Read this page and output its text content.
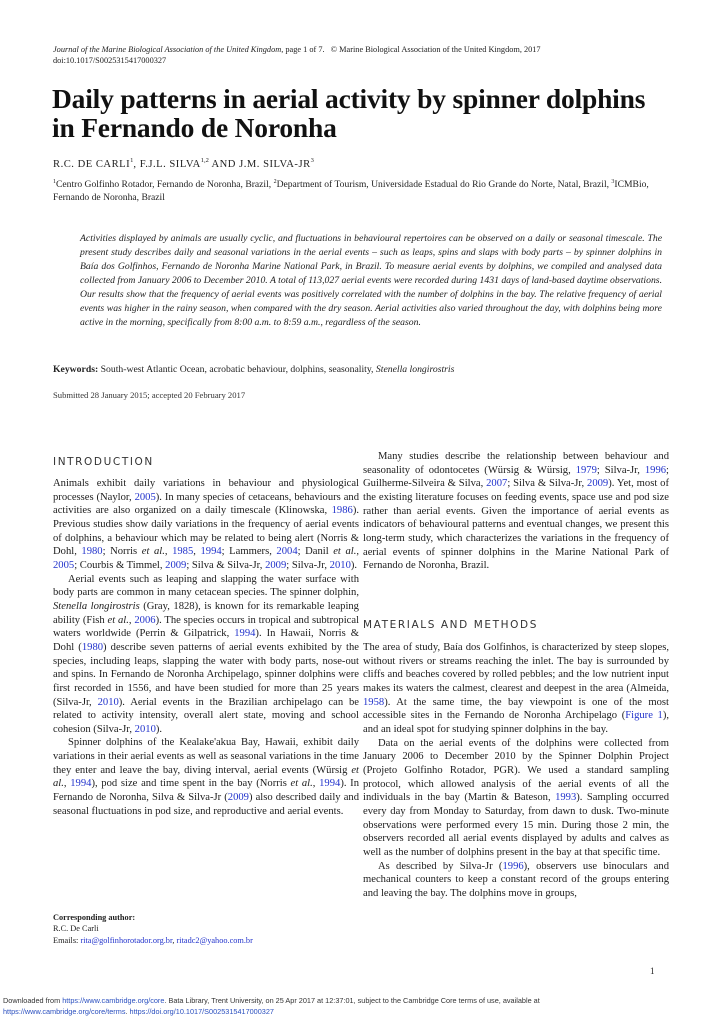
Journal of the Marine Biological Association of the United Kingdom, page 1 of 7. © Marine Biological Association of the United Kingdom, 2017
doi:10.1017/S0025315417000327
Daily patterns in aerial activity by spinner dolphins in Fernando de Noronha
R.C. DE CARLI$^1$, F.J.L. SILVA$^{1,2}$ AND J.M. SILVA-$JR^3$
$^1$Centro Golfinho Rotador, Fernando de Noronha, Brazil, $^2$Department of Tourism, Universidade Estadual do Rio Grande do Norte, Natal, Brazil, $^3$ICMBio, Fernando de Noronha, Brazil
Activities displayed by animals are usually cyclic, and fluctuations in behavioural repertoires can be observed on a daily or seasonal timescale. The present study describes daily and seasonal variations in the aerial events – such as leaps, spins and slaps with body parts – by spinner dolphins in Baía dos Golfinhos, Fernando de Noronha Marine National Park, in Brazil. To measure aerial events by dolphins, we compiled and analysed data collected from January 2006 to December 2010. A total of 113,027 aerial events were recorded during 1431 days of land-based daytime observations. Our results show that the frequency of aerial events was positively correlated with the number of dolphins in the bay. The relative frequency of aerial events was higher in the rainy season, when compared with the dry season. Aerial activities also varied throughout the day, with dolphins being more active in the morning, specifically from 8:00 a.m. to 8:59 a.m., regardless of the season.
Keywords: South-west Atlantic Ocean, acrobatic behaviour, dolphins, seasonality, Stenella longirostris
Submitted 28 January 2015; accepted 20 February 2017
INTRODUCTION

Animals exhibit daily variations in behaviour and physiological processes (Naylor, 2005). In many species of cetaceans, behaviours and activities are also organized on a daily timescale (Klinowska, 1986). Previous studies show daily variations in the frequency of aerial events of dolphins, a behaviour which may be related to being alert (Norris & Dohl, 1980; Norris et al., 1985, 1994; Lammers, 2004; Danil et al., 2005; Courbis & Timmel, 2009; Silva & Silva-Jr, 2009; Silva-Jr, 2010).

Aerial events such as leaping and slapping the water surface with body parts are common in many cetacean species. The spinner dolphin, Stenella longirostris (Gray, 1828), is known for its remarkable leaping ability (Fish et al., 2006). The species occurs in tropical and subtropical waters worldwide (Perrin & Gilpatrick, 1994). In Hawaii, Norris & Dohl (1980) describe seven patterns of aerial events exhibited by the species, including leaps, slapping the water with body parts, nose-out and spins. In Fernando de Noronha Archipelago, spinner dolphins were first recorded in 1556, and have been studied for more than 25 years (Silva-Jr, 2010). Aerial events in the Brazilian archipelago can be related to activity intensity, overall alert state, moving and school cohesion (Silva-Jr, 2010).

Spinner dolphins of the Kealake'akua Bay, Hawaii, exhibit daily variations in their aerial events as well as seasonal variations in the time they enter and leave the bay, diving interval, aerial events (Würsig et al., 1994), pod size and time spent in the bay (Norris et al., 1994). In Fernando de Noronha, Silva & Silva-Jr (2009) also described daily and seasonal fluctuations in pod size, and reproductive and aerial events.

Corresponding author:
R.C. De Carli
Emails: rita@golfinhorotador.org.br, ritadc2@yahoo.com.br

Many studies describe the relationship between behaviour and seasonality of odontocetes (Würsig & Würsig, 1979; Silva-Jr, 1996; Guilherme-Silveira & Silva, 2007; Silva & Silva-Jr, 2009). Yet, most of the existing literature focuses on feeding events, space use and pod size rather than aerial events. Given the importance of aerial events as indicators of behavioural patterns and eventual changes, we present this long-term study, which characterizes the variations in the frequency of aerial events of spinner dolphins in the Marine National Park of Fernando de Noronha, Brazil.

MATERIALS AND METHODS

The area of study, Baía dos Golfinhos, is characterized by steep slopes, without rivers or streams reaching the inlet. The bay is surrounded by cliffs and beaches covered by rolled pebbles; and the low nutrient input makes its waters the calmest, clearest and deepest in the area (Almeida, 1958). At the same time, the bay viewpoint is one of the most accessible sites in the Fernando de Noronha Archipelago (Figure 1), and an ideal spot for studying spinner dolphins in the bay.

Data on the aerial events of the dolphins were collected from January 2006 to December 2010 by the Spinner Dolphin Project (Projeto Golfinho Rotador, PGR). We used a standard sampling protocol, which allowed analysis of the aerial events of all the individuals in the bay (Martin & Bateson, 1993). Sampling occurred every day from Monday to Saturday, from dawn to dusk. Two-minute observations were performed every 15 min. During those 2 min, the observers recorded all aerial events displayed by adults and calves as well as the number of dolphins present in the bay at that specific time.

As described by Silva-Jr (1996), observers use binoculars and mechanical counters to keep a constant record of the groups entering and leaving the bay. The dolphins move in groups,

1
Downloaded from https://www.cambridge.org/core. Bata Library, Trent University, on 25 Apr 2017 at 12:37:01, subject to the Cambridge Core terms of use, available at
https://www.cambridge.org/core/terms. https://doi.org/10.1017/S0025315417000327
